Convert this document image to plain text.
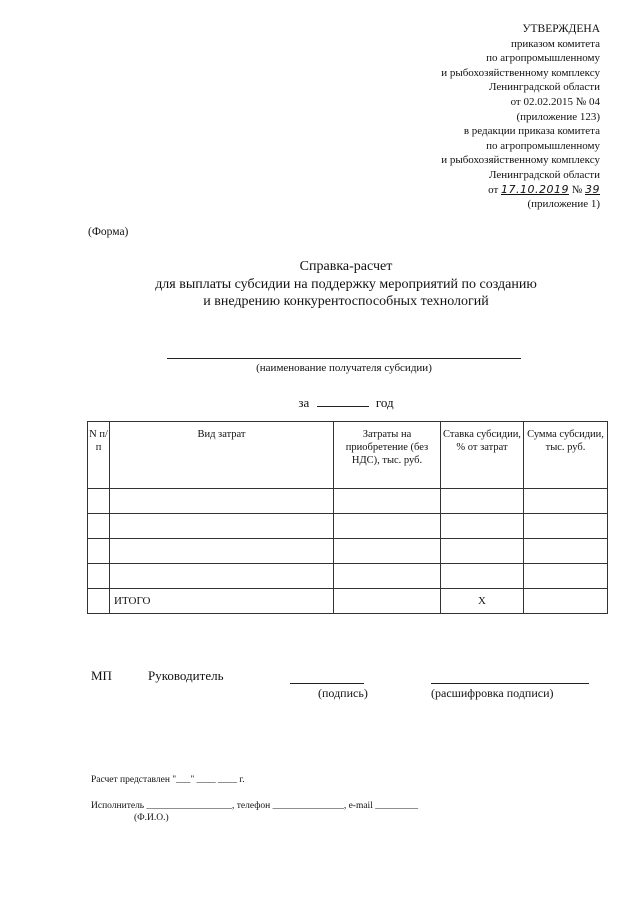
УТВЕРЖДЕНА
приказом комитета
по агропромышленному
и рыбохозяйственному комплексу
Ленинградской области
от 02.02.2015 № 04
(приложение 123)
в редакции приказа комитета
по агропромышленному
и рыбохозяйственному комплексу
Ленинградской области
от 17.10.2019 № 39
(приложение 1)
(Форма)
Справка-расчет
для выплаты субсидии на поддержку мероприятий по созданию
и внедрению конкурентоспособных технологий
(наименование получателя субсидии)
за	год
N п/п	Вид затрат	Затраты на приобретение (без НДС), тыс. руб.	Ставка субсидии, % от затрат	Сумма субсидии, тыс. руб.

	ИТОГО		X	
МП	Руководитель
(подпись)	(расшифровка подписи)
Расчет представлен "___" ____ ____ г.
Исполнитель __________________, телефон _______________, e-mail _________
(Ф.И.О.)
